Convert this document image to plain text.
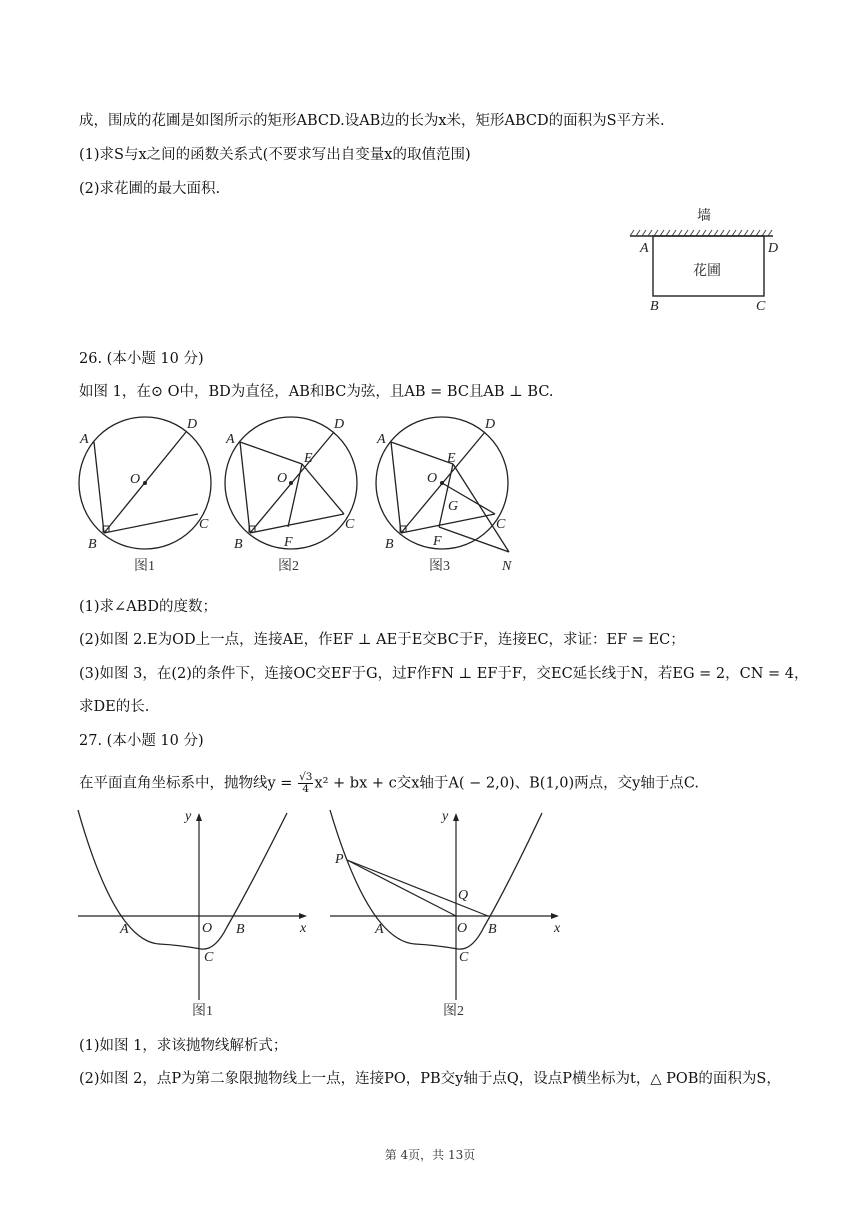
成，围成的花圃是如图所示的矩形ABCD.设AB边的长为x米，矩形ABCD的面积为S平方米.
(1)求S与x之间的函数关系式(不要求写出自变量x的取值范围)
(2)求花圃的最大面积.
墙
花圃
A	D
B	C
26. (本小题 10 分)
如图 1，在⊙ O中，BD为直径，AB和BC为弦，且AB = BC且AB ⊥ BC.
A
D
O
B
C
图1
A
D
E
O
B	F
C
图2
A
D
E
O
G
B	F
C
N
图3
(1)求∠ABD的度数；
(2)如图 2.E为OD上一点，连接AE，作EF ⊥ AE于E交BC于F，连接EC，求证：EF = EC；
(3)如图 3，在(2)的条件下，连接OC交EF于G，过F作FN ⊥ EF于F，交EC延长线于N，若EG = 2，CN = 4，
求DE的长.
27. (本小题 10 分)
在平面直角坐标系中，抛物线$y = \frac{√3}{4} x^2$ + bx + c交x轴于A( − 2,0)、B(1,0)两点，交y轴于点C.
y
x
A	O B
C
图1
y
x
P
Q
A	O B
C
图2
(1)如图 1，求该抛物线解析式；
(2)如图 2，点P为第二象限抛物线上一点，连接PO，PB交y轴于点Q，设点P横坐标为t，△ POB的面积为S，
第 4页，共 13页
